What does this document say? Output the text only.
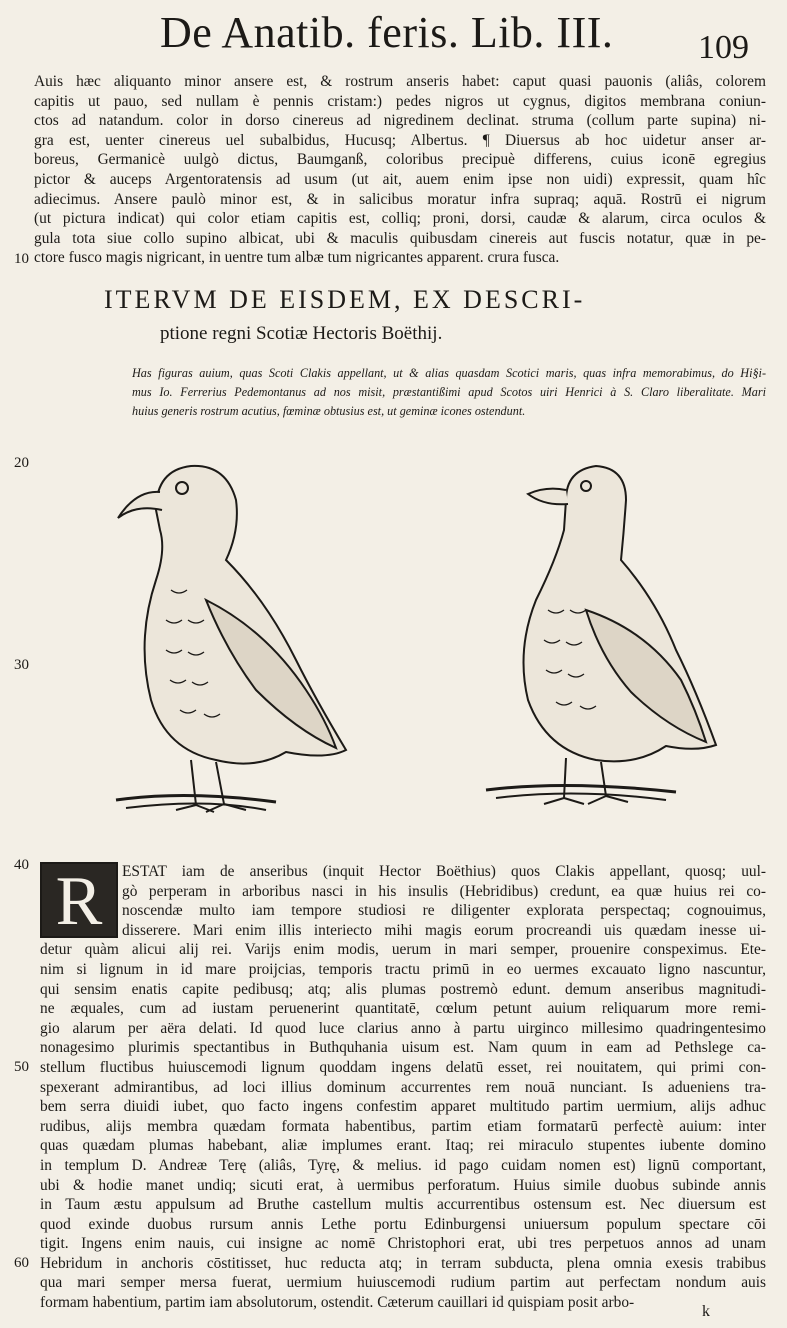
De Anatib. feris. Lib. III. 109
Auis hæc aliquanto minor ansere est, & rostrum anseris habet: caput quasi pauonis (aliâs, colorem
capitis ut pauo, sed nullam è pennis cristam:) pedes nigros ut cygnus, digitos membrana coniun-
ctos ad natandum. color in dorso cinereus ad nigredinem declinat. struma (collum parte supina) ni-
gra est, uenter cinereus uel subalbidus, Hucusq; Albertus. ¶ Diuersus ab hoc uidetur anser ar-
boreus, Germanicè uulgò dictus, Baumganß, coloribus precipuè differens, cuius iconē egregius
pictor & auceps Argentoratensis ad usum (ut ait, auem enim ipse non uidi) expressit, quam hîc
adiecimus. Ansere paulò minor est, & in salicibus moratur infra supraq; aquā. Rostrū ei nigrum
(ut pictura indicat) qui color etiam capitis est, colliq; proni, dorsi, caudæ & alarum, circa oculos &
gula tota siue collo supino albicat, ubi & maculis quibusdam cinereis aut fuscis notatur, quæ in pe-
ctore fusco magis nigricant, in uentre tum albæ tum nigricantes apparent. crura fusca.
10
20
30
40
50
60
ITERVM DE EISDEM, EX DESCRI-
ptione regni Scotiæ Hectoris Boëthij.
Has figuras auium, quas Scoti Clakis appellant, ut & alias quasdam Scotici maris, quas infra memorabimus, do Hi§i-
mus Io. Ferrerius Pedemontanus ad nos misit, præstantißimi apud Scotos uiri Henrici à S. Claro liberalitate. Mari
huius generis rostrum acutius, fœminæ obtusius est, ut geminæ icones ostendunt.
R	ESTAT iam de anseribus (inquit Hector Boëthius) quos Clakis appellant, quosq; uul-
gò perperam in arboribus nasci in his insulis (Hebridibus) credunt, ea quæ huius rei co-
noscendæ multo iam tempore studiosi re diligenter explorata perspectaq; cognouimus,
disserere. Mari enim illis interiecto mihi magis eorum procreandi uis quædam inesse ui-
detur quàm alicui alij rei. Varijs enim modis, uerum in mari semper, prouenire conspeximus. Ete-
nim si lignum in id mare proijcias, temporis tractu primū in eo uermes excauato ligno nascuntur,
qui sensim enatis capite pedibusq; atq; alis plumas postremò edunt. demum anseribus magnitudi-
ne æquales, cum ad iustam peruenerint quantitatē, cœlum petunt auium reliquarum more remi-
gio alarum per aëra delati. Id quod luce clarius anno à partu uirginco millesimo quadringentesimo
nonagesimo plurimis spectantibus in Buthquhania uisum est. Nam quum in eam ad Pethslege ca-
stellum fluctibus huiuscemodi lignum quoddam ingens delatū esset, rei nouitatem, qui primi con-
spexerant admirantibus, ad loci illius dominum accurrentes rem nouā nunciant. Is adueniens tra-
bem serra diuidi iubet, quo facto ingens confestim apparet multitudo partim uermium, alijs adhuc
rudibus, alijs membra quædam formata habentibus, partim etiam formatarū perfectè auium: inter
quas quædam plumas habebant, aliæ implumes erant. Itaq; rei miraculo stupentes iubente domino
in templum D. Andreæ Terę (aliâs, Tyrę, & melius. id pago cuidam nomen est) lignū comportant,
ubi & hodie manet undiq; sicuti erat, à uermibus perforatum. Huius simile duobus subinde annis
in Taum æstu appulsum ad Bruthe castellum multis accurrentibus ostensum est. Nec diuersum est
quod exinde duobus rursum annis Lethe portu Edinburgensi uniuersum populum spectare cōi
tigit. Ingens enim nauis, cui insigne ac nomē Christophori erat, ubi tres perpetuos annos ad unam
Hebridum in anchoris cōstitisset, huc reducta atq; in terram subducta, plena omnia exesis trabibus
qua mari semper mersa fuerat, uermium huiuscemodi rudium partim aut perfectam nondum auis
formam habentium, partim iam absolutorum, ostendit. Cæterum cauillari id quispiam posit arbo-
k
